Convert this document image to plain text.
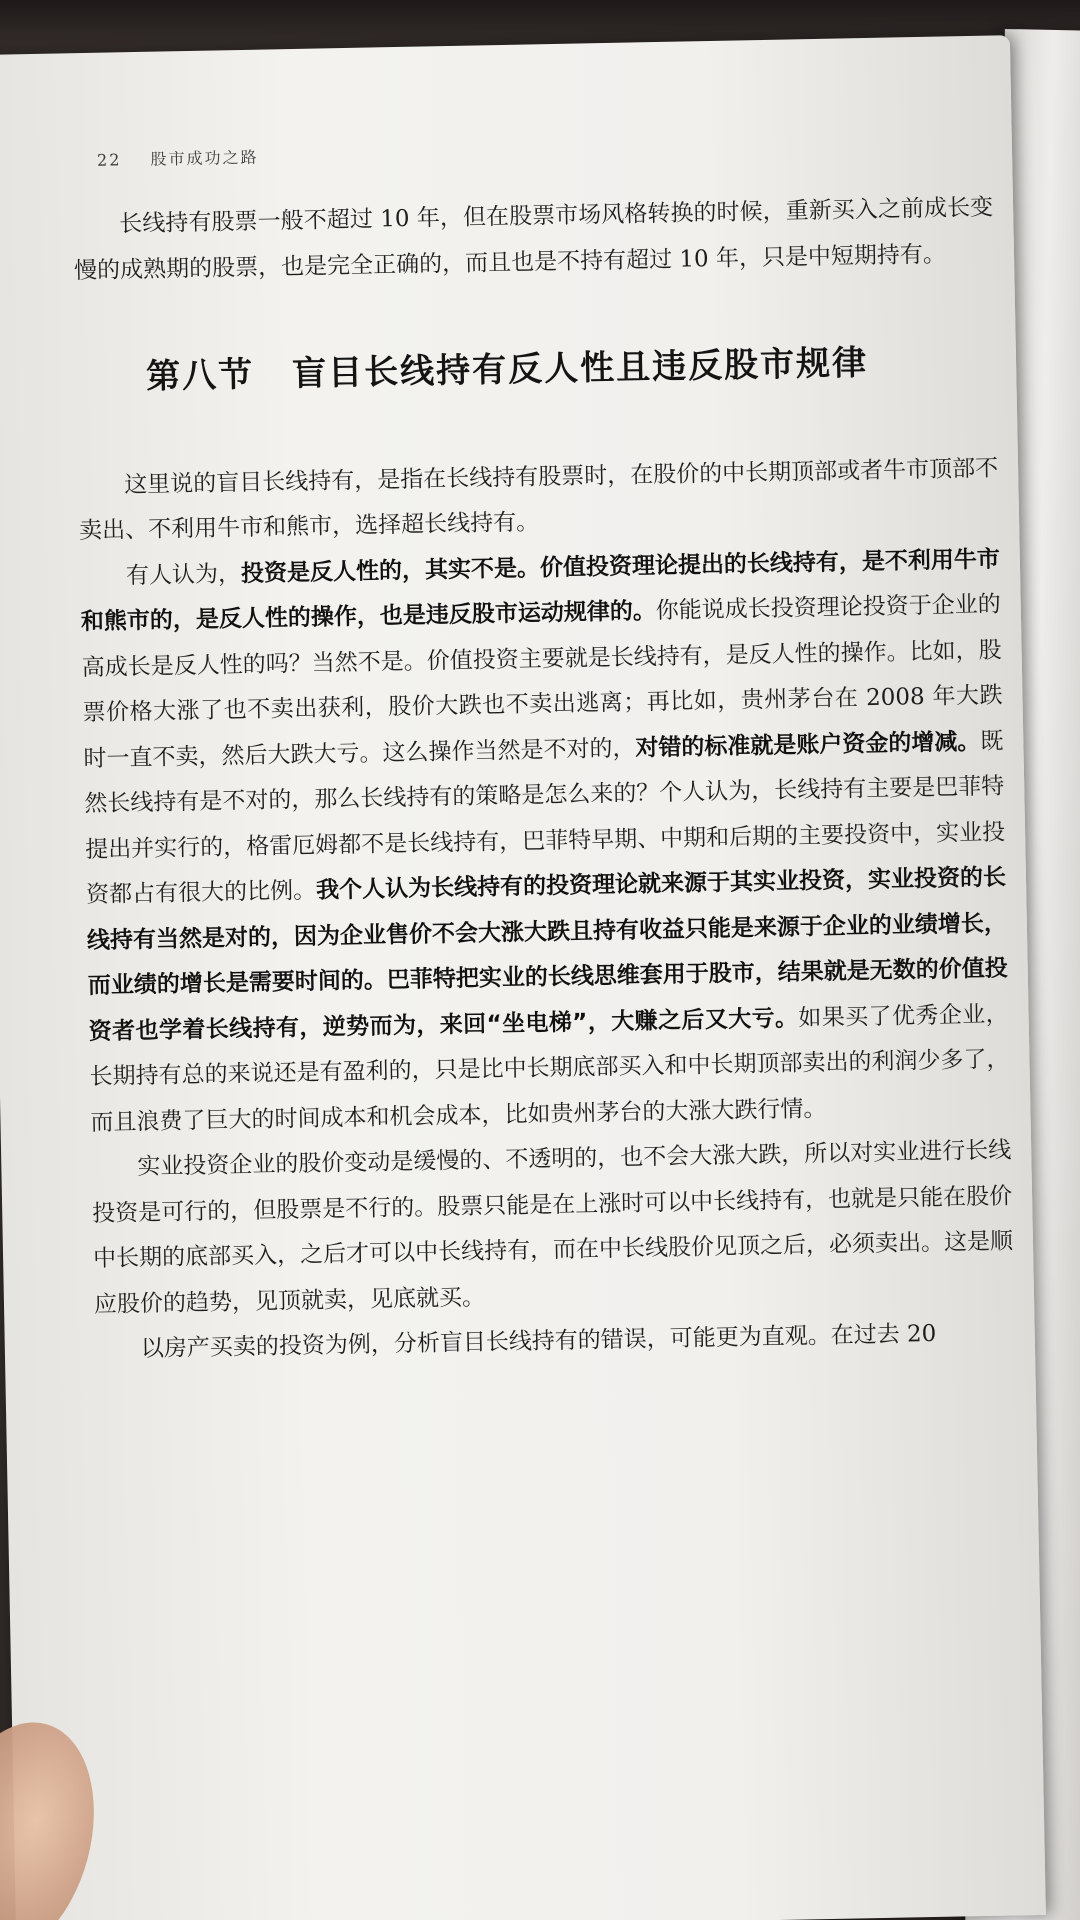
22 股市成功之路

长线持有股票一般不超过 10 年，但在股票市场风格转换的时候，重新买入之前成长变慢的成熟期的股票，也是完全正确的，而且也是不持有超过 10 年，只是中短期持有。

第八节 盲目长线持有反人性且违反股市规律

这里说的盲目长线持有，是指在长线持有股票时，在股价的中长期顶部或者牛市顶部不卖出、不利用牛市和熊市，选择超长线持有。

有人认为，投资是反人性的，其实不是。价值投资理论提出的长线持有，是不利用牛市和熊市的，是反人性的操作，也是违反股市运动规律的。你能说成长投资理论投资于企业的高成长是反人性的吗？当然不是。价值投资主要就是长线持有，是反人性的操作。比如，股票价格大涨了也不卖出获利，股价大跌也不卖出逃离；再比如，贵州茅台在 2008 年大跌时一直不卖，然后大跌大亏。这么操作当然是不对的，对错的标准就是账户资金的增减。既然长线持有是不对的，那么长线持有的策略是怎么来的？个人认为，长线持有主要是巴菲特提出并实行的，格雷厄姆都不是长线持有，巴菲特早期、中期和后期的主要投资中，实业投资都占有很大的比例。我个人认为长线持有的投资理论就来源于其实业投资，实业投资的长线持有当然是对的，因为企业售价不会大涨大跌且持有收益只能是来源于企业的业绩增长，而业绩的增长是需要时间的。巴菲特把实业的长线思维套用于股市，结果就是无数的价值投资者也学着长线持有，逆势而为，来回“坐电梯”，大赚之后又大亏。如果买了优秀企业，长期持有总的来说还是有盈利的，只是比中长期底部买入和中长期顶部卖出的利润少多了，而且浪费了巨大的时间成本和机会成本，比如贵州茅台的大涨大跌行情。

实业投资企业的股价变动是缓慢的、不透明的，也不会大涨大跌，所以对实业进行长线投资是可行的，但股票是不行的。股票只能是在上涨时可以中长线持有，也就是只能在股价中长期的底部买入，之后才可以中长线持有，而在中长线股价见顶之后，必须卖出。这是顺应股价的趋势，见顶就卖，见底就买。

以房产买卖的投资为例，分析盲目长线持有的错误，可能更为直观。在过去 20
